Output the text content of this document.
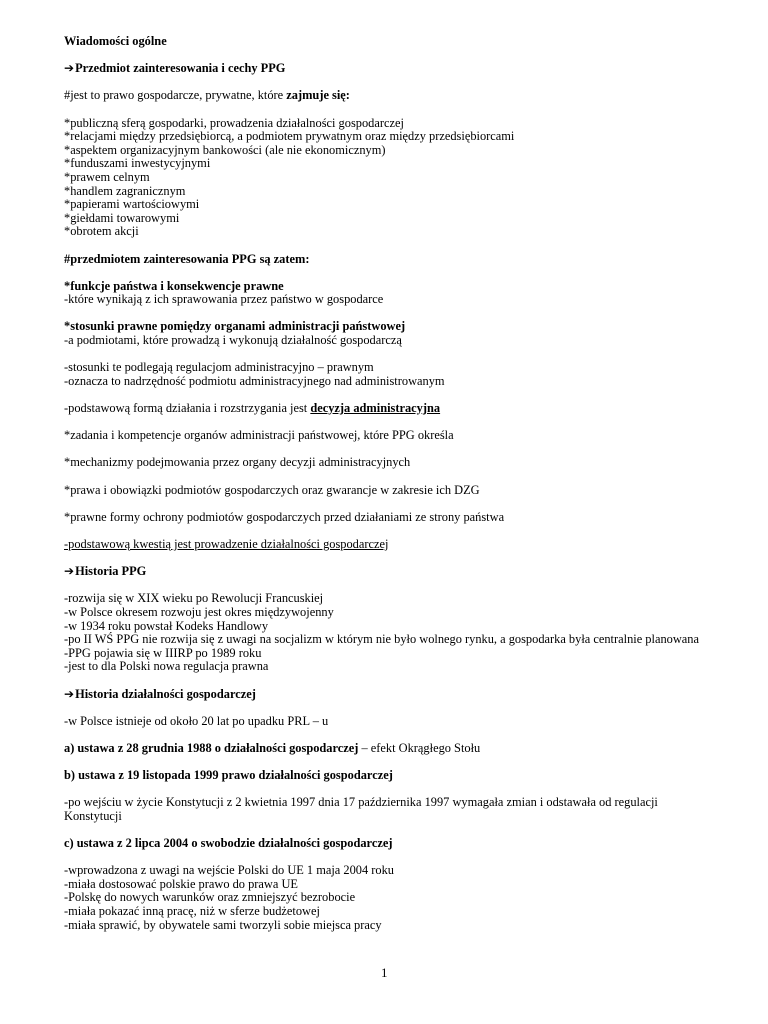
Wiadomości ogólne
➔Przedmiot zainteresowania i cechy PPG
#jest to prawo gospodarcze, prywatne, które zajmuje się:
*publiczną sferą gospodarki, prowadzenia działalności gospodarczej
*relacjami między przedsiębiorcą, a podmiotem prywatnym oraz między przedsiębiorcami
*aspektem organizacyjnym bankowości (ale nie ekonomicznym)
*funduszami inwestycyjnymi
*prawem celnym
*handlem zagranicznym
*papierami wartościowymi
*giełdami towarowymi
*obrotem akcji
#przedmiotem zainteresowania PPG są zatem:
*funkcje państwa i konsekwencje prawne
-które wynikają z ich sprawowania przez państwo w gospodarce
*stosunki prawne pomiędzy organami administracji państwowej
-a podmiotami, które prowadzą i wykonują działalność gospodarczą
-stosunki te podlegają regulacjom administracyjno – prawnym
-oznacza to nadrzędność podmiotu administracyjnego nad administrowanym
-podstawową formą działania i rozstrzygania jest decyzja administracyjna
*zadania i kompetencje organów administracji państwowej, które PPG określa
*mechanizmy podejmowania przez organy decyzji administracyjnych
*prawa i obowiązki podmiotów gospodarczych oraz gwarancje w zakresie ich DZG
*prawne formy ochrony podmiotów gospodarczych przed działaniami ze strony państwa
-podstawową kwestią jest prowadzenie działalności gospodarczej
➔Historia PPG
-rozwija się w XIX wieku po Rewolucji Francuskiej
-w Polsce okresem rozwoju jest okres międzywojenny
-w 1934 roku powstał Kodeks Handlowy
-po II WŚ PPG nie rozwija się z uwagi na socjalizm w którym nie było wolnego rynku, a gospodarka była centralnie planowana
-PPG pojawia się w IIIRP po 1989 roku
-jest to dla Polski nowa regulacja prawna
➔Historia działalności gospodarczej
-w Polsce istnieje od około 20 lat po upadku PRL – u
a) ustawa z 28 grudnia 1988 o działalności gospodarczej – efekt Okrągłego Stołu
b) ustawa z 19 listopada 1999 prawo działalności gospodarczej
-po wejściu w życie Konstytucji z 2 kwietnia 1997 dnia 17 października 1997 wymagała zmian i odstawała od regulacji
Konstytucji
c) ustawa z 2 lipca 2004 o swobodzie działalności gospodarczej
-wprowadzona z uwagi na wejście Polski do UE 1 maja 2004 roku
-miała dostosować polskie prawo do prawa UE
-Polskę do nowych warunków oraz zmniejszyć bezrobocie
-miała pokazać inną pracę, niż w sferze budżetowej
-miała sprawić, by obywatele sami tworzyli sobie miejsca pracy
1
